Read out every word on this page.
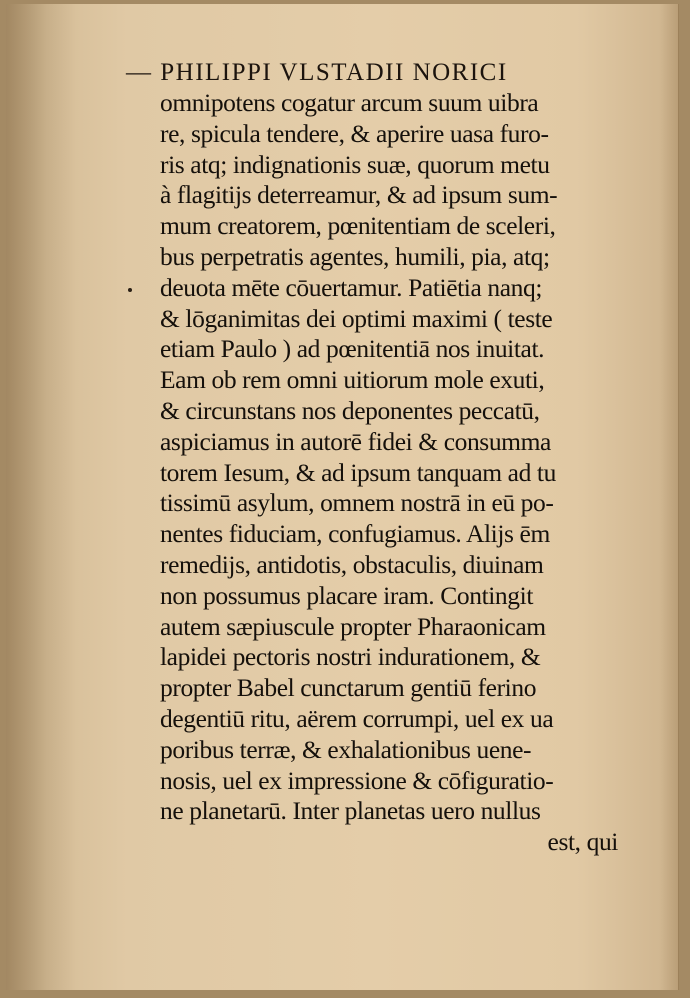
— PHILIPPI VLSTADII NORICI
omnipotens cogatur arcum suum uibra
re, spicula tendere, & aperire uasa furo-
ris atq; indignationis suæ, quorum metu
à flagitijs deterreamur, & ad ipsum sum-
mum creatorem, pœnitentiam de sceleri,
bus perpetratis agentes, humili, pia, atq;
deuota mēte cōuertamur. Patiētia nanq;
& lōganimitas dei optimi maximi ( teste
etiam Paulo ) ad pœnitentiā nos inuitat.
Eam ob rem omni uitiorum mole exuti,
& circunstans nos deponentes peccatū,
aspiciamus in autorē fidei & consumma
torem Iesum, & ad ipsum tanquam ad tu
tissimū asylum, omnem nostrā in eū po-
nentes fiduciam, confugiamus. Alijs ēm
remedijs, antidotis, obstaculis, diuinam
non possumus placare iram. Contingit
autem sæpiuscule propter Pharaonicam
lapidei pectoris nostri indurationem, &
propter Babel cunctarum gentiū ferino
degentiū ritu, aërem corrumpi, uel ex ua
poribus terræ, & exhalationibus uene-
nosis, uel ex impressione & cōfiguratio-
ne planetarū. Inter planetas uero nullus
est, qui
